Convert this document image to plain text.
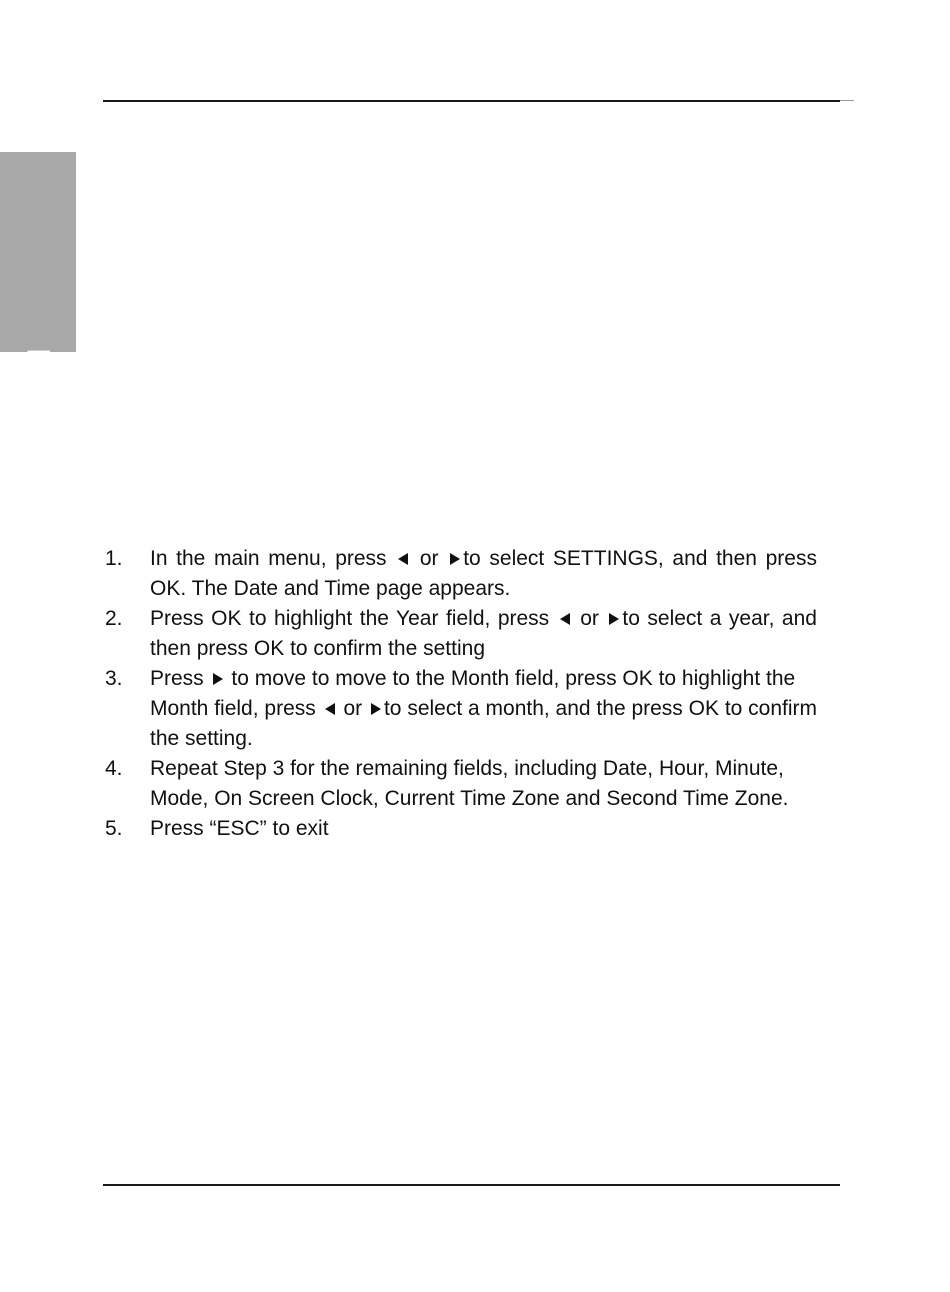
English
1.	In the main menu, press or to select SETTINGS, and then press OK. The Date and Time page appears.
2.	Press OK to highlight the Year field, press or to select a year, and then press OK to confirm the setting
3.	Press to move to move to the Month field, press OK to highlight the Month field, press or to select a month, and the press OK to confirm the setting.
4.	Repeat Step 3 for the remaining fields, including Date, Hour, Minute, Mode, On Screen Clock, Current Time Zone and Second Time Zone.
5.	Press “ESC” to exit
